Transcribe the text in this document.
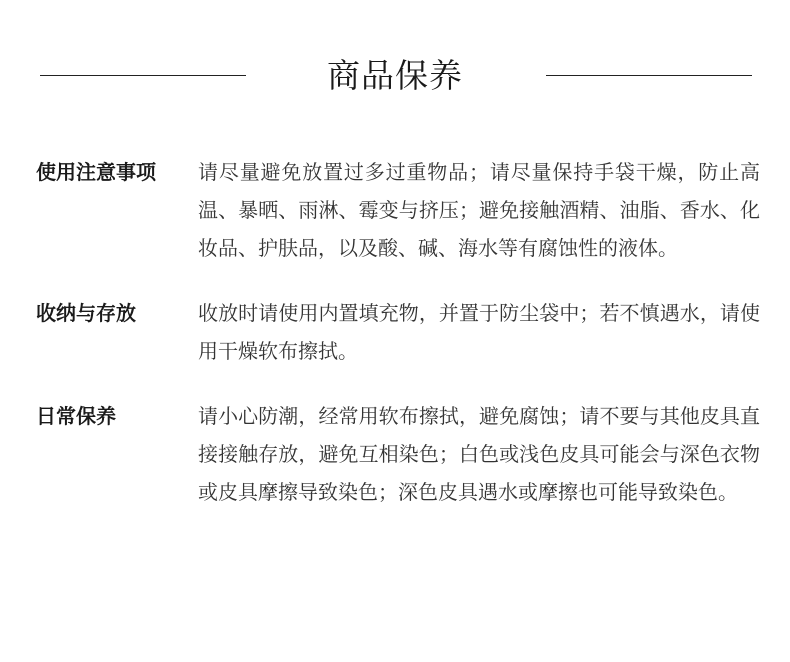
商品保养
使用注意事项	请尽量避免放置过多过重物品；请尽量保持手袋干燥，防止高温、暴晒、雨淋、霉变与挤压；避免接触酒精、油脂、香水、化妆品、护肤品，以及酸、碱、海水等有腐蚀性的液体。

收纳与存放	收放时请使用内置填充物，并置于防尘袋中；若不慎遇水，请使用干燥软布擦拭。

日常保养	请小心防潮，经常用软布擦拭，避免腐蚀；请不要与其他皮具直接接触存放，避免互相染色；白色或浅色皮具可能会与深色衣物或皮具摩擦导致染色；深色皮具遇水或摩擦也可能导致染色。
